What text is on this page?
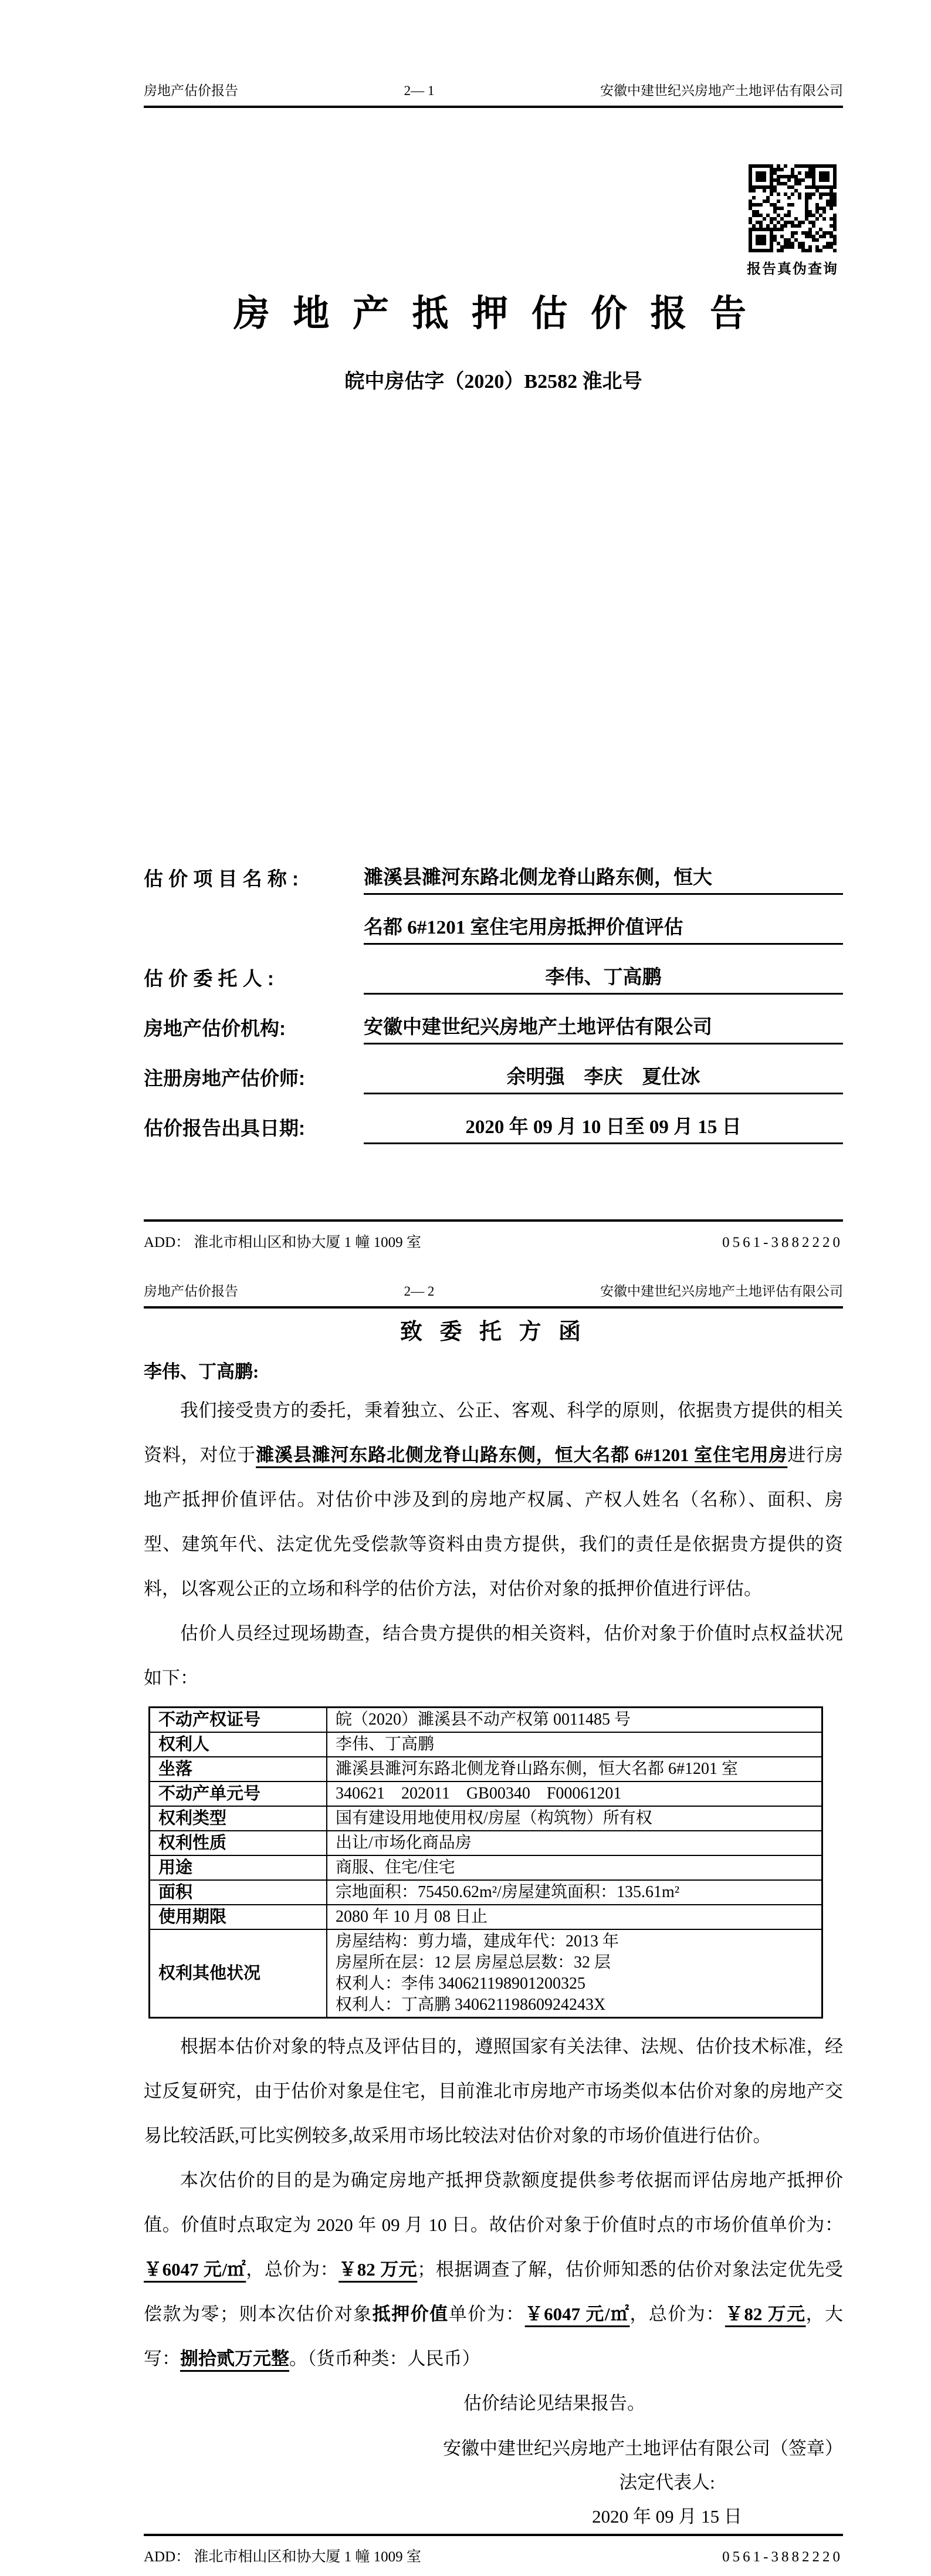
房地产估价报告	2— 1	安徽中建世纪兴房地产土地评估有限公司
报告真伪查询
房 地 产 抵 押 估 价 报 告
皖中房估字（2020）B2582 淮北号
估 价 项 目 名 称 :	濉溪县濉河东路北侧龙脊山路东侧，恒大
名都 6#1201 室住宅用房抵押价值评估
估 价 委 托 人 :	李伟、丁高鹏
房地产估价机构:	安徽中建世纪兴房地产土地评估有限公司
注册房地产估价师:	余明强　李庆　夏仕冰
估价报告出具日期:	2020 年 09 月 10 日至 09 月 15 日
ADD： 淮北市相山区和协大厦 1 幢 1009 室	0561-3882220
房地产估价报告	2— 2	安徽中建世纪兴房地产土地评估有限公司
致 委 托 方 函
李伟、丁高鹏:

我们接受贵方的委托，秉着独立、公正、客观、科学的原则，依据贵方提供的相关资料，对位于濉溪县濉河东路北侧龙脊山路东侧，恒大名都 6#1201 室住宅用房进行房地产抵押价值评估。对估价中涉及到的房地产权属、产权人姓名（名称）、面积、房型、建筑年代、法定优先受偿款等资料由贵方提供，我们的责任是依据贵方提供的资料，以客观公正的立场和科学的估价方法，对估价对象的抵押价值进行评估。

估价人员经过现场勘查，结合贵方提供的相关资料，估价对象于价值时点权益状况如下：

不动产权证号	皖（2020）濉溪县不动产权第 0011485 号

权利人	李伟、丁高鹏

坐落	濉溪县濉河东路北侧龙脊山路东侧，恒大名都 6#1201 室

不动产单元号	340621　202011　GB00340　F00061201

权利类型	国有建设用地使用权/房屋（构筑物）所有权

权利性质	出让/市场化商品房

用途	商服、住宅/住宅

面积	宗地面积：75450.62m²/房屋建筑面积：135.61m²

使用期限	2080 年 10 月 08 日止

权利其他状况	房屋结构：剪力墙，建成年代：2013 年
房屋所在层：12 层 房屋总层数：32 层
权利人：李伟 340621198901200325
权利人：丁高鹏 34062119860924243X

根据本估价对象的特点及评估目的，遵照国家有关法律、法规、估价技术标准，经过反复研究，由于估价对象是住宅，目前淮北市房地产市场类似本估价对象的房地产交易比较活跃,可比实例较多,故采用市场比较法对估价对象的市场价值进行估价。

本次估价的目的是为确定房地产抵押贷款额度提供参考依据而评估房地产抵押价值。价值时点取定为 2020 年 09 月 10 日。故估价对象于价值时点的市场价值单价为：￥6047 元/㎡，总价为：￥82 万元；根据调查了解，估价师知悉的估价对象法定优先受偿款为零；则本次估价对象抵押价值单价为：￥6047 元/㎡，总价为：￥82 万元，大写：捌拾贰万元整。（货币种类：人民币）

估价结论见结果报告。

安徽中建世纪兴房地产土地评估有限公司（签章）
法定代表人:
2020 年 09 月 15 日
ADD： 淮北市相山区和协大厦 1 幢 1009 室	0561-3882220
